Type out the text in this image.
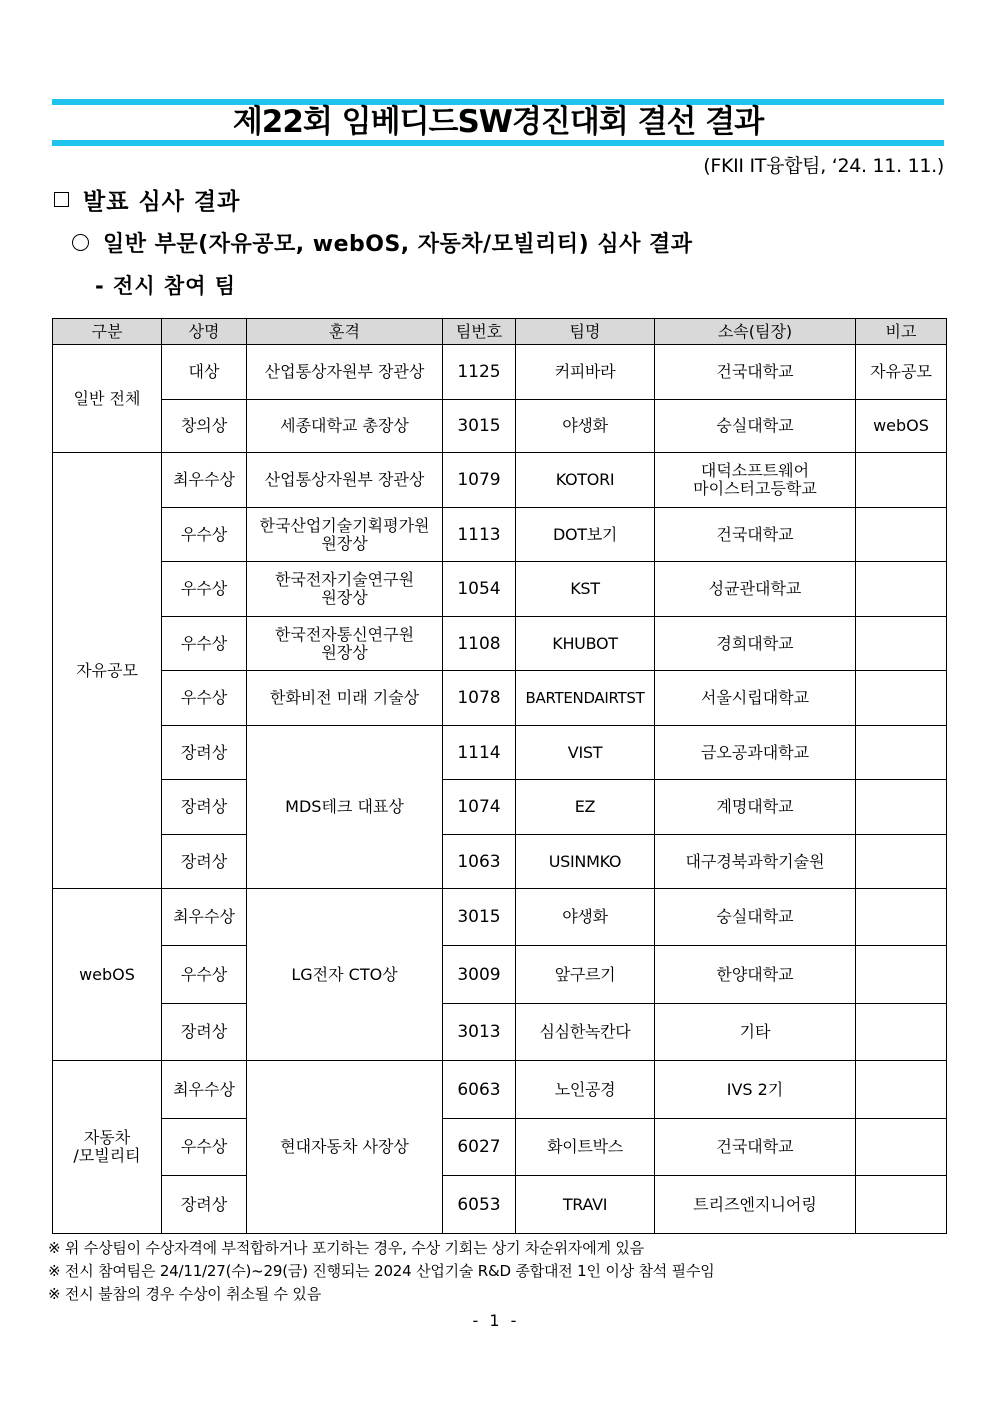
제22회 임베디드SW경진대회 결선 결과
(FKII IT융합팀, ‘24. 11. 11.)
발표 심사 결과
일반 부문(자유공모, webOS, 자동차/모빌리티) 심사 결과
- 전시 참여 팀
구분	상명	훈격	팀번호	팀명	소속(팀장)	비고
일반 전체	대상	산업통상자원부 장관상	1125	커피바라	건국대학교	자유공모
	창의상	세종대학교 총장상	3015	야생화	숭실대학교	webOS
자유공모	최우수상	산업통상자원부 장관상	1079	KOTORI	대덕소프트웨어
마이스터고등학교	
	우수상	한국산업기술기획평가원
원장상	1113	DOT보기	건국대학교	
	우수상	한국전자기술연구원
원장상	1054	KST	성균관대학교	
	우수상	한국전자통신연구원
원장상	1108	KHUBOT	경희대학교	
	우수상	한화비전 미래 기술상	1078	BARTENDAIRTST	서울시립대학교	
	장려상	MDS테크 대표상	1114	VIST	금오공과대학교	
	장려상		1074	EZ	계명대학교	
	장려상		1063	USINMKO	대구경북과학기술원	
webOS	최우수상	LG전자 CTO상	3015	야생화	숭실대학교	
	우수상		3009	앞구르기	한양대학교	
	장려상		3013	심심한녹칸다	기타	
자동차
/모빌리티	최우수상	현대자동차 사장상	6063	노인공경	IVS 2기	
	우수상		6027	화이트박스	건국대학교	
	장려상		6053	TRAVI	트리즈엔지니어링	
※ 위 수상팀이 수상자격에 부적합하거나 포기하는 경우, 수상 기회는 상기 차순위자에게 있음
※ 전시 참여팀은 24/11/27(수)~29(금) 진행되는 2024 산업기술 R&D 종합대전 1인 이상 참석 필수임
※ 전시 불참의 경우 수상이 취소될 수 있음
- 1 -
